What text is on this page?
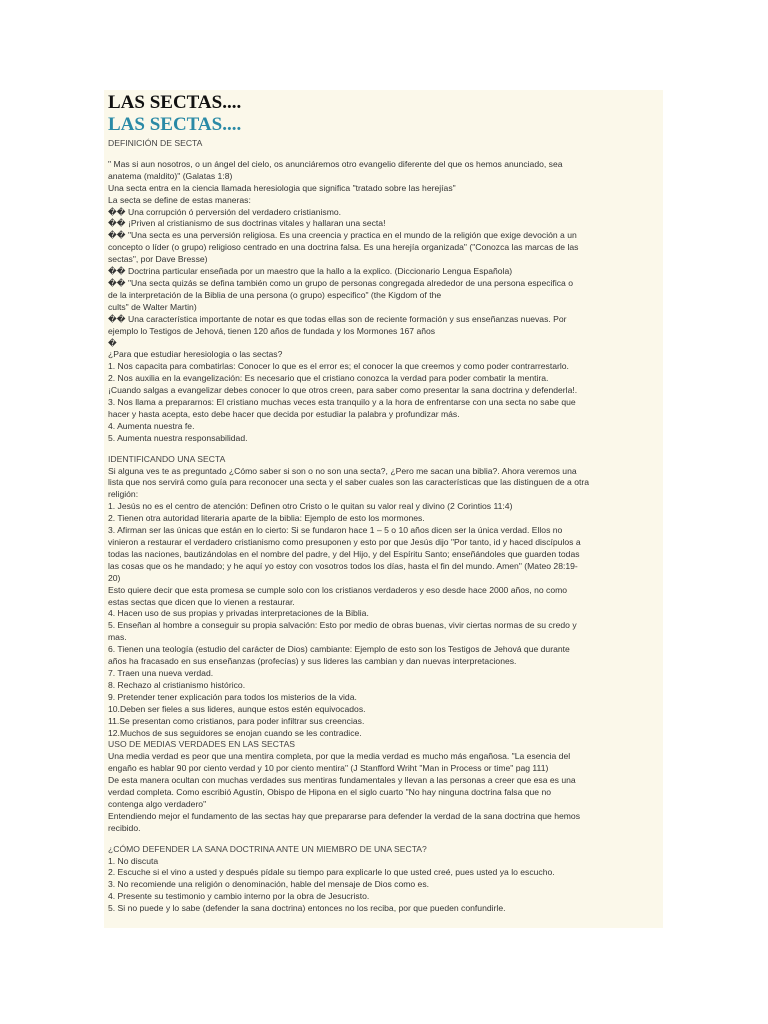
LAS SECTAS....
LAS SECTAS....
DEFINICIÓN DE SECTA
" Mas si aun nosotros, o un ángel del cielo, os anunciáremos otro evangelio diferente del que os hemos anunciado, sea
anatema (maldito)" (Galatas 1:8)
Una secta entra en la ciencia llamada heresiologia que significa "tratado sobre las herejías"
La secta se define de estas maneras:
�� Una corrupción ó perversión del verdadero cristianismo.
�� ¡Priven al cristianismo de sus doctrinas vitales y hallaran una secta!
�� "Una secta es una perversión religiosa. Es una creencia y practica en el mundo de la religión que exige devoción a un
concepto o líder (o grupo) religioso centrado en una doctrina falsa. Es una herejía organizada" ("Conozca las marcas de las
sectas", por Dave Bresse)
�� Doctrina particular enseñada por un maestro que la hallo a la explico. (Diccionario Lengua Española)
�� "Una secta quizás se defina también como un grupo de personas congregada alrededor de una persona especifica o
de la interpretación de la Biblia de una persona (o grupo) especifico" (the Kigdom of the
cults" de Walter Martin)
�� Una característica importante de notar es que todas ellas son de reciente formación y sus enseñanzas nuevas. Por
ejemplo lo Testigos de Jehová, tienen 120 años de fundada y los Mormones 167 años
�
¿Para que estudiar heresiologia o las sectas?
1. Nos capacita para combatirlas: Conocer lo que es el error es; el conocer la que creemos y como poder contrarrestarlo.
2. Nos auxilia en la evangelización: Es necesario que el cristiano conozca la verdad para poder combatir la mentira.
¡Cuando salgas a evangelizar debes conocer lo que otros creen, para saber como presentar la sana doctrina y defenderla!.
3. Nos llama a prepararnos: El cristiano muchas veces esta tranquilo y a la hora de enfrentarse con una secta no sabe que
hacer y hasta acepta, esto debe hacer que decida por estudiar la palabra y profundizar más.
4. Aumenta nuestra fe.
5. Aumenta nuestra responsabilidad.
IDENTIFICANDO UNA SECTA
Si alguna ves te as preguntado ¿Cómo saber si son o no son una secta?, ¿Pero me sacan una biblia?. Ahora veremos una
lista que nos servirá como guía para reconocer una secta y el saber cuales son las características que las distinguen de a otra
religión:
1. Jesús no es el centro de atención: Definen otro Cristo o le quitan su valor real y divino (2 Corintios 11:4)
2. Tienen otra autoridad literaria aparte de la biblia: Ejemplo de esto los mormones.
3. Afirman ser las únicas que están en lo cierto: Si se fundaron hace 1 – 5 o 10 años dicen ser la única verdad. Ellos no
vinieron a restaurar el verdadero cristianismo como presuponen y esto por que Jesús dijo "Por tanto, id y haced discípulos a
todas las naciones, bautizándolas en el nombre del padre, y del Hijo, y del Espíritu Santo; enseñándoles que guarden todas
las cosas que os he mandado; y he aquí yo estoy con vosotros todos los días, hasta el fin del mundo. Amen" (Mateo 28:19-
20)
Esto quiere decir que esta promesa se cumple solo con los cristianos verdaderos y eso desde hace 2000 años, no como
estas sectas que dicen que lo vienen a restaurar.
4. Hacen uso de sus propias y privadas interpretaciones de la Biblia.
5. Enseñan al hombre a conseguir su propia salvación: Esto por medio de obras buenas, vivir ciertas normas de su credo y
mas.
6. Tienen una teología (estudio del carácter de Dios) cambiante: Ejemplo de esto son los Testigos de Jehová que durante
años ha fracasado en sus enseñanzas (profecías) y sus lideres las cambian y dan nuevas interpretaciones.
7. Traen una nueva verdad.
8. Rechazo al cristianismo histórico.
9. Pretender tener explicación para todos los misterios de la vida.
10.Deben ser fieles a sus lideres, aunque estos estén equivocados.
11.Se presentan como cristianos, para poder infiltrar sus creencias.
12.Muchos de sus seguidores se enojan cuando se les contradice.
USO DE MEDIAS VERDADES EN LAS SECTAS
Una media verdad es peor que una mentira completa, por que la media verdad es mucho más engañosa. "La esencia del
engaño es hablar 90 por ciento verdad y 10 por ciento mentira" (J Stanfford Wriht "Man in Process or time" pag 111)
De esta manera ocultan con muchas verdades sus mentiras fundamentales y llevan a las personas a creer que esa es una
verdad completa. Como escribió Agustín, Obispo de Hipona en el siglo cuarto "No hay ninguna doctrina falsa que no
contenga algo verdadero"
Entendiendo mejor el fundamento de las sectas hay que prepararse para defender la verdad de la sana doctrina que hemos
recibido.
¿CÓMO DEFENDER LA SANA DOCTRINA ANTE UN MIEMBRO DE UNA SECTA?
1. No discuta
2. Escuche si el vino a usted y después pídale su tiempo para explicarle lo que usted creé, pues usted ya lo escucho.
3. No recomiende una religión o denominación, hable del mensaje de Dios como es.
4. Presente su testimonio y cambio interno por la obra de Jesucristo.
5. Si no puede y lo sabe (defender la sana doctrina) entonces no los reciba, por que pueden confundirle.
